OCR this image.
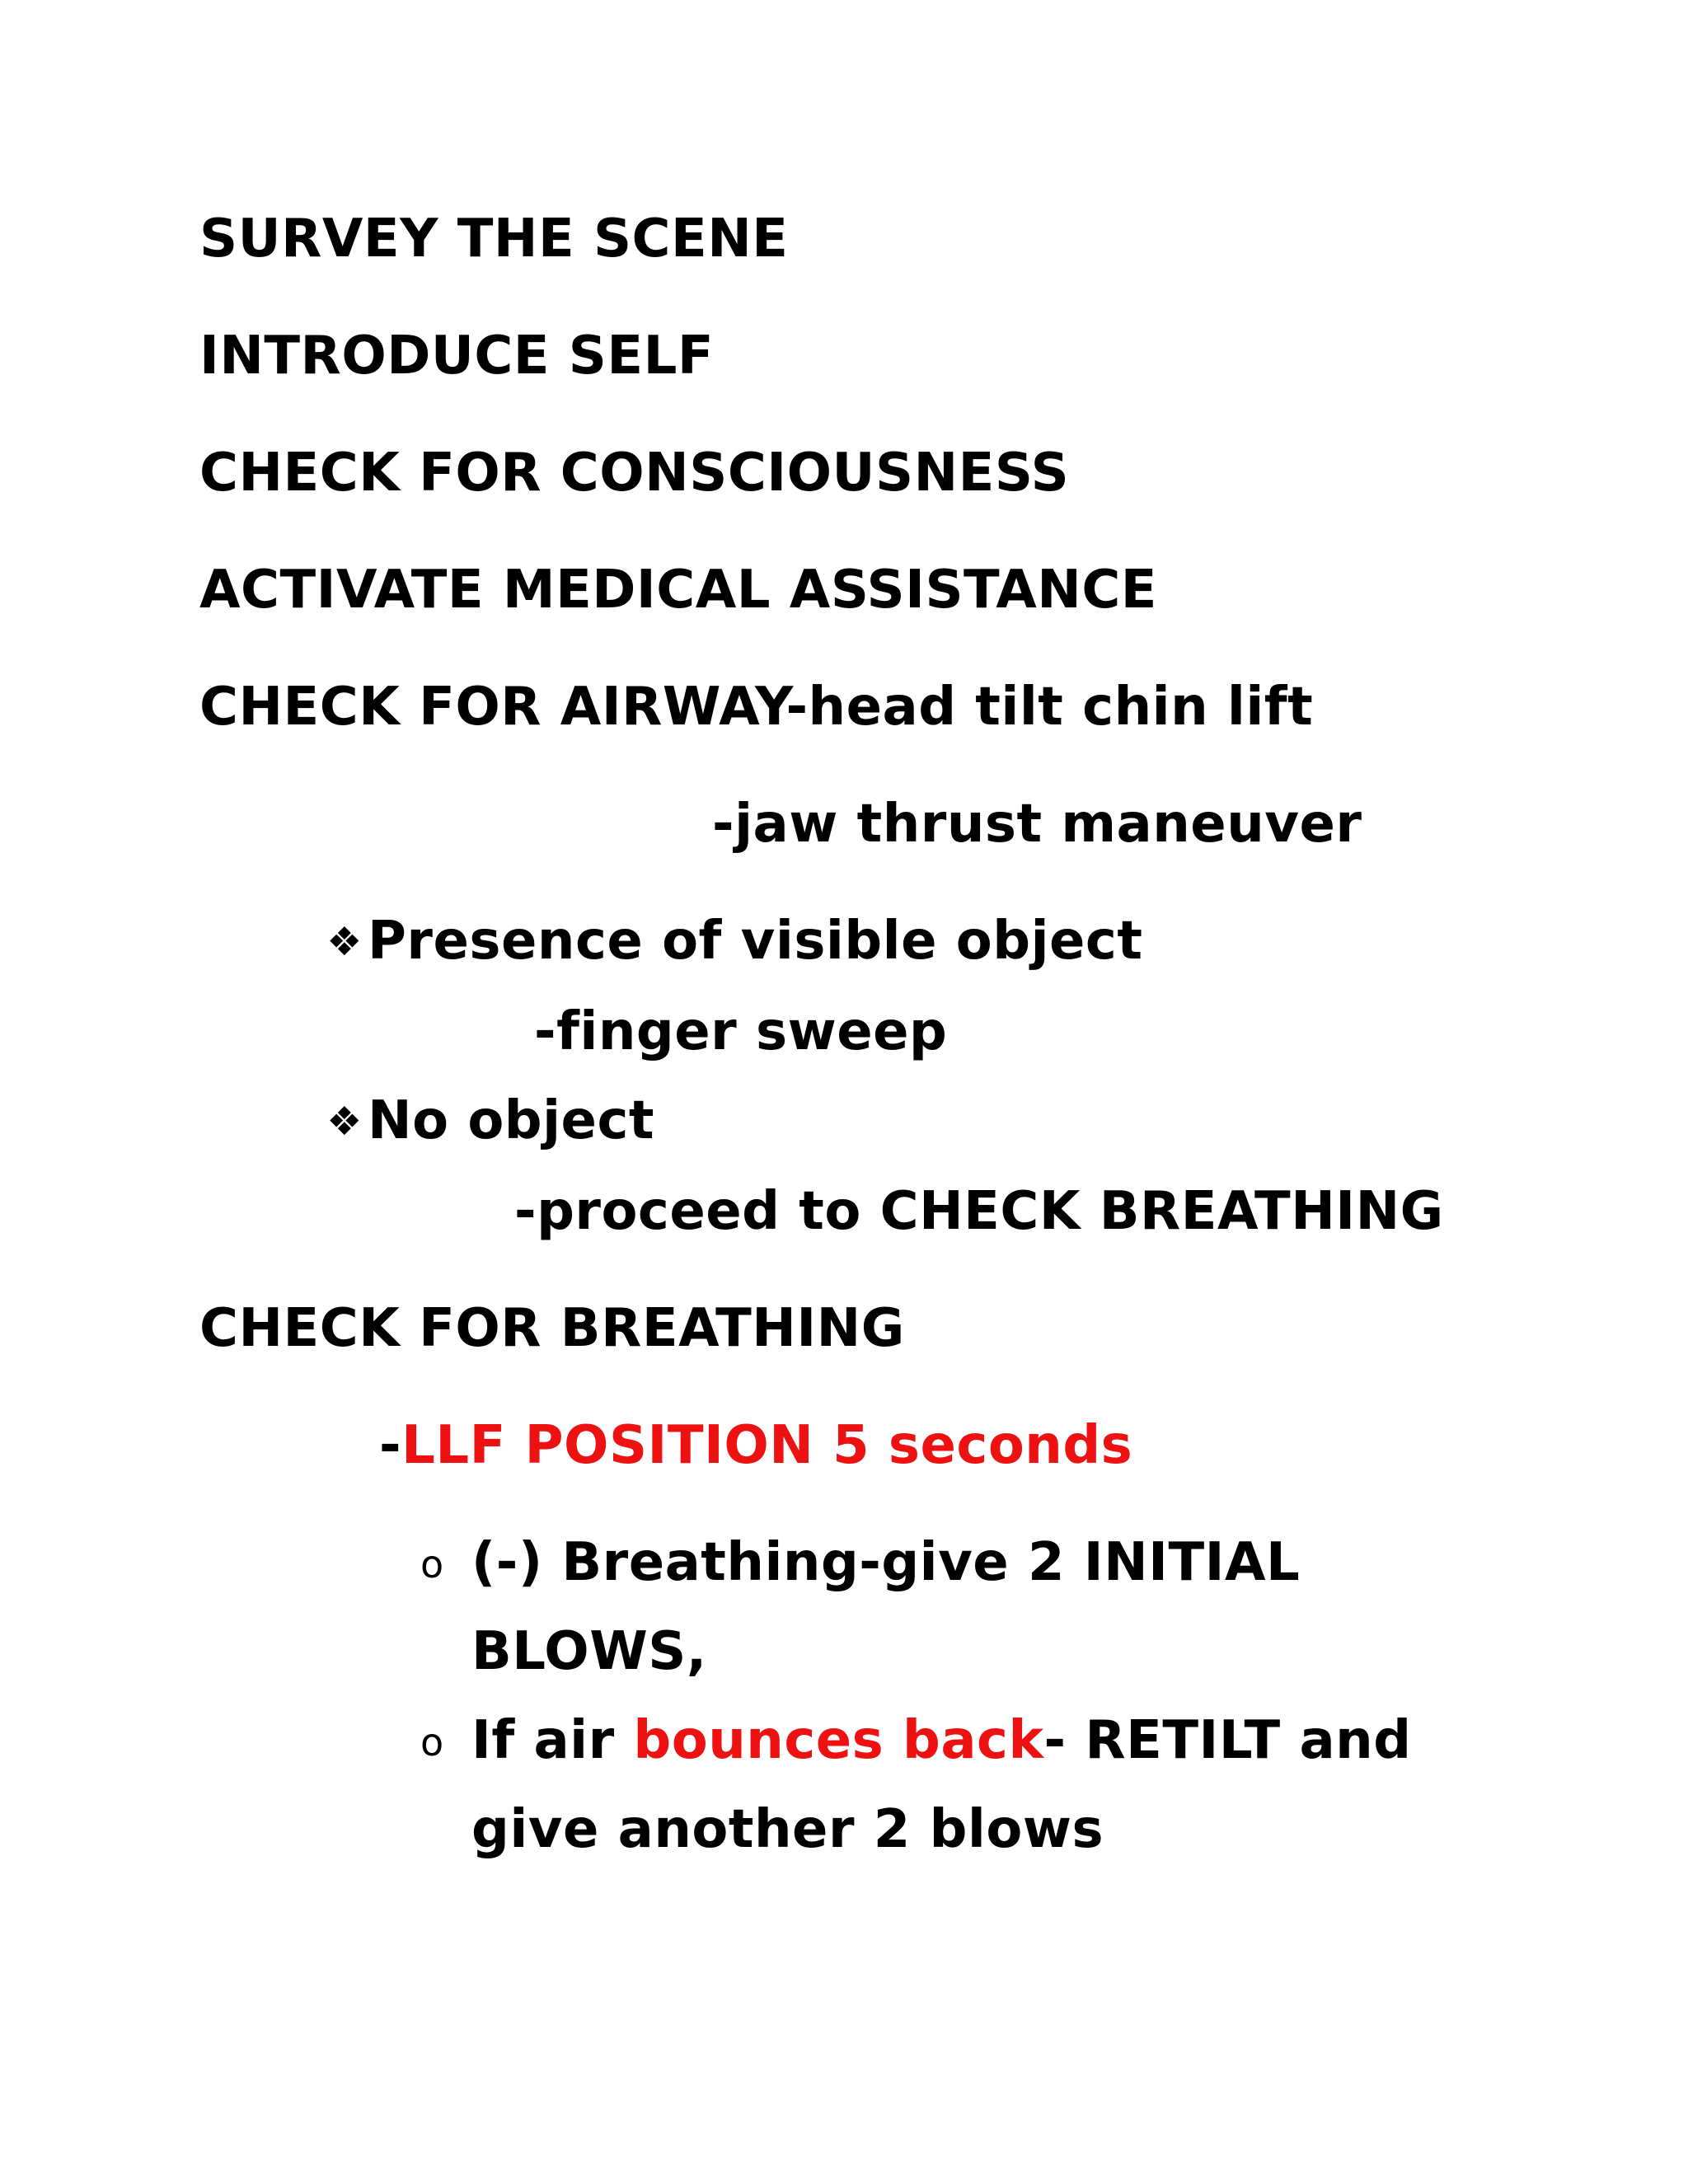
SURVEY THE SCENE
INTRODUCE SELF
CHECK FOR CONSCIOUSNESS
ACTIVATE MEDICAL ASSISTANCE
CHECK FOR AIRWAY-head tilt chin lift
-jaw thrust maneuver
❖Presence of visible object
-finger sweep
❖No object
-proceed to CHECK BREATHING
CHECK FOR BREATHING
-LLF POSITION 5 seconds
o (-) Breathing-give 2 INITIAL
BLOWS,
o If air bounces back- RETILT and
give another 2 blows
